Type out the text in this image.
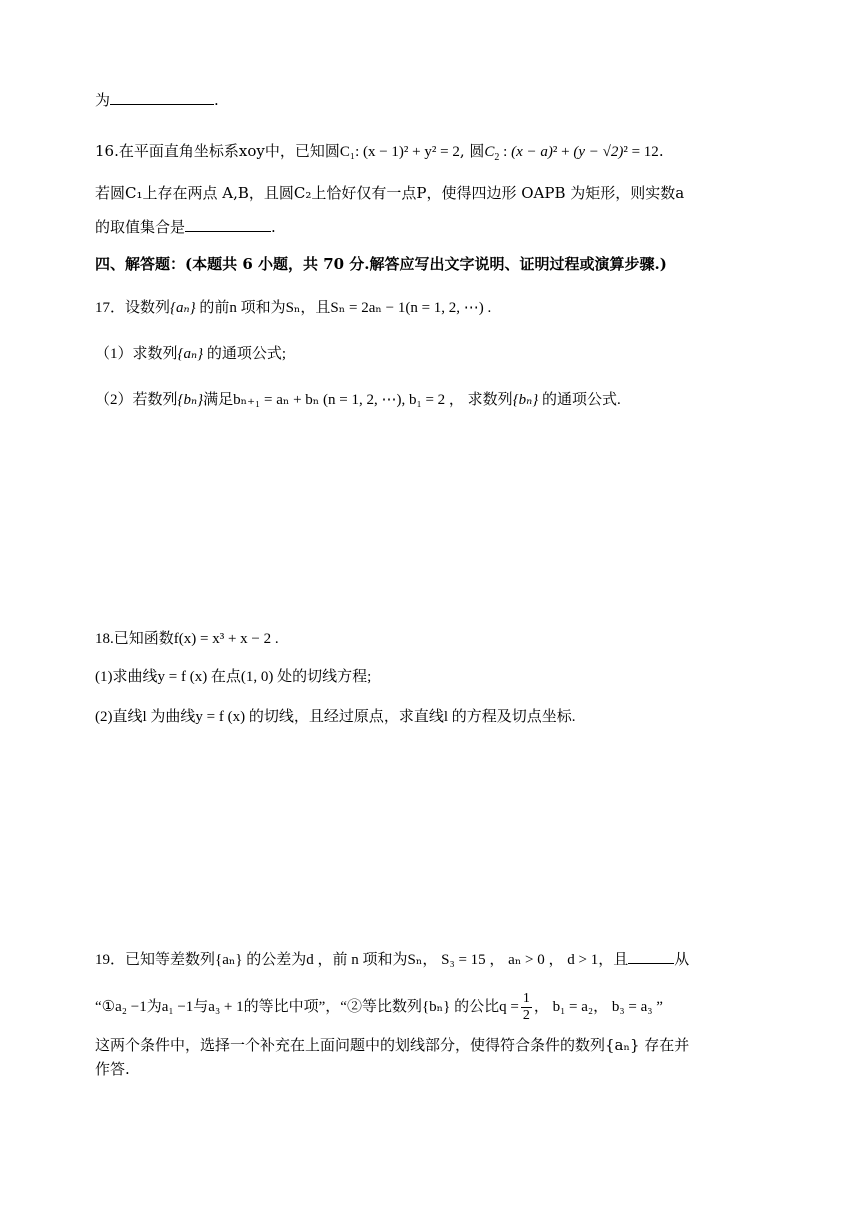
为	.
16.在平面直角坐标系xoy中，已知圆C₁: (x − 1)² + y² = 2, 圆$C_2$ : (x − a)² + (y − √2)² = 12.
若圆C₁上存在两点 A,B，且圆C₂上恰好仅有一点P，使得四边形 OAPB 为矩形，则实数a
的取值集合是	.
四、解答题：(本题共 6 小题，共 70 分.解答应写出文字说明、证明过程或演算步骤.)
17．设数列{aₙ} 的前n 项和为Sₙ，且Sₙ = 2aₙ − 1(n = 1, 2, ⋯) .
（1）求数列{aₙ} 的通项公式;
（2）若数列{bₙ}满足bₙ₊₁ = aₙ + bₙ (n = 1, 2, ⋯), b₁ = 2 ， 求数列{bₙ} 的通项公式.
18.已知函数f(x) = x³ + x − 2 .
(1)求曲线y = f (x) 在点(1, 0) 处的切线方程;
(2)直线l 为曲线y = f (x) 的切线，且经过原点，求直线l 的方程及切点坐标.
19．已知等差数列{aₙ} 的公差为d ，前 n 项和为Sₙ， S₃ = 15 ， aₙ > 0 ， d > 1，且	从
“①a₂ −1为a₁ −1与a₃ + 1的等比中项”，“②等比数列{bₙ} 的公比$q = \frac{1}{2}$ ， b₁ = a₂， b₃ = a₃ ”
这两个条件中，选择一个补充在上面问题中的划线部分，使得符合条件的数列{aₙ} 存在并
作答.
